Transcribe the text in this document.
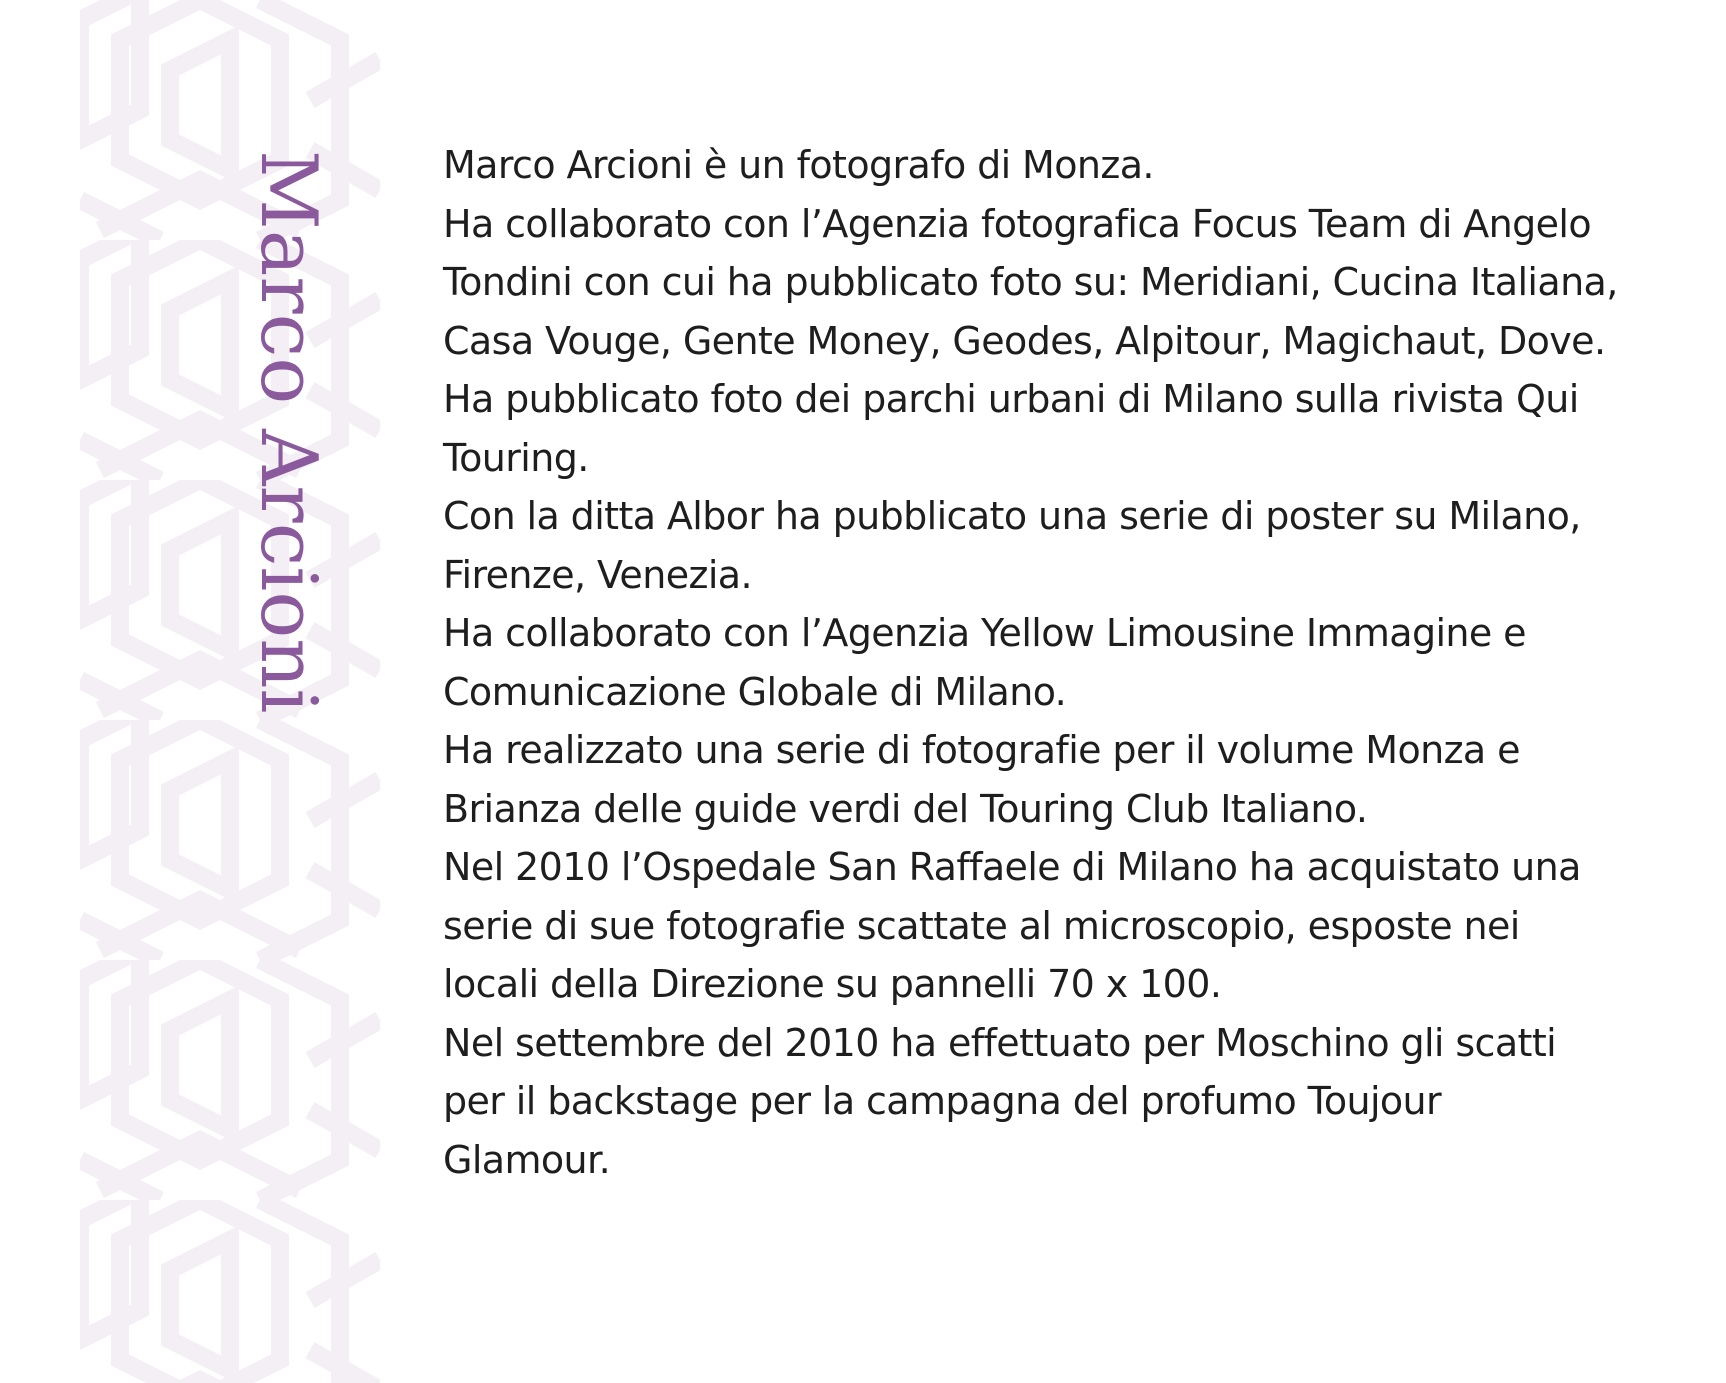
Marco Arcioni	Marco Arcioni è un fotografo di Monza.
Ha collaborato con l’Agenzia fotografica Focus Team di Angelo
Tondini con cui ha pubblicato foto su: Meridiani, Cucina Italiana,
Casa Vouge, Gente Money, Geodes, Alpitour, Magichaut, Dove.
Ha pubblicato foto dei parchi urbani di Milano sulla rivista Qui
Touring.
Con la ditta Albor ha pubblicato una serie di poster su Milano,
Firenze, Venezia.
Ha collaborato con l’Agenzia Yellow Limousine Immagine e
Comunicazione Globale di Milano.
Ha realizzato una serie di fotografie per il volume Monza e
Brianza delle guide verdi del Touring Club Italiano.
Nel 2010 l’Ospedale San Raffaele di Milano ha acquistato una
serie di sue fotografie scattate al microscopio, esposte nei
locali della Direzione su pannelli 70 x 100.
Nel settembre del 2010 ha effettuato per Moschino gli scatti
per il backstage per la campagna del profumo Toujour
Glamour.
